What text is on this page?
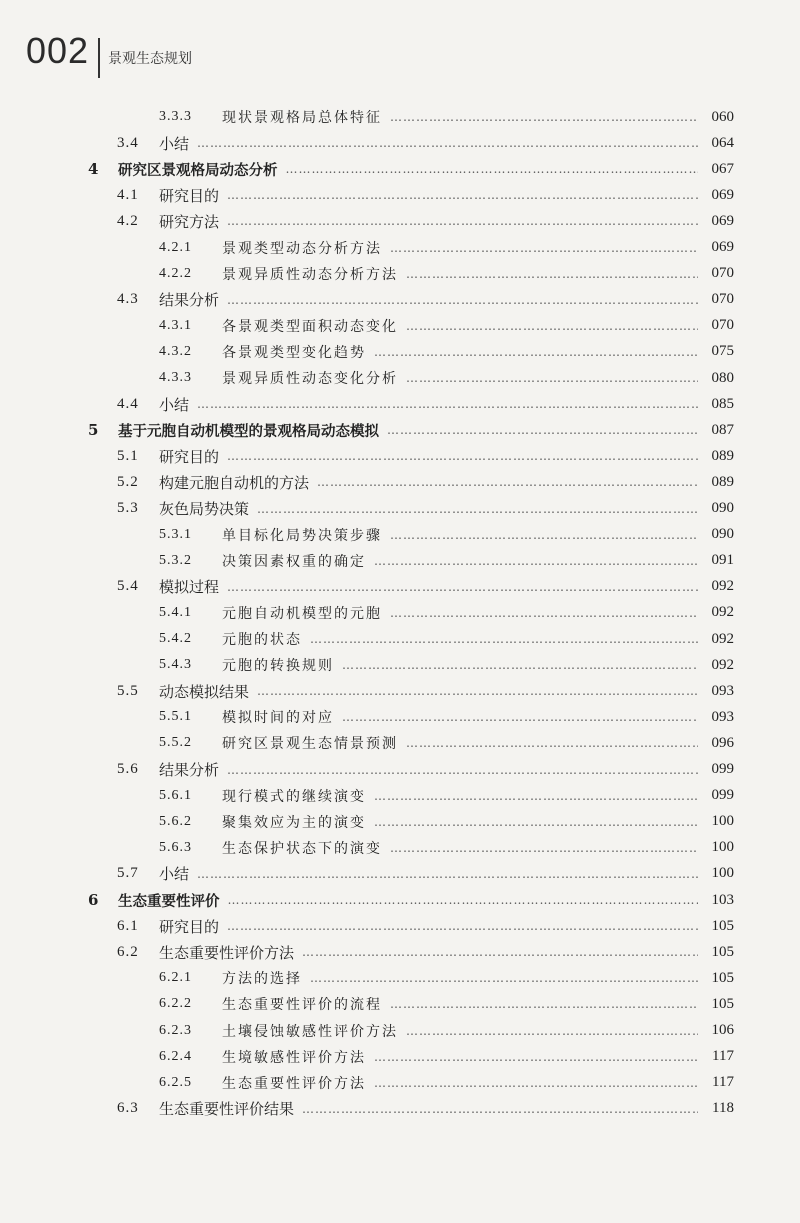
002 景观生态规划
3.3.3	现状景观格局总体特征 …………………………………………………………………………………………………………………………………………………………………………………………………………………	060
3.4	小结 …………………………………………………………………………………………………………………………………………………………………………………………………………………	064
4	研究区景观格局动态分析 …………………………………………………………………………………………………………………………………………………………………………………………………………………	067
4.1	研究目的 …………………………………………………………………………………………………………………………………………………………………………………………………………………	069
4.2	研究方法 …………………………………………………………………………………………………………………………………………………………………………………………………………………	069
4.2.1	景观类型动态分析方法 …………………………………………………………………………………………………………………………………………………………………………………………………………………	069
4.2.2	景观异质性动态分析方法 …………………………………………………………………………………………………………………………………………………………………………………………………………………	070
4.3	结果分析 …………………………………………………………………………………………………………………………………………………………………………………………………………………	070
4.3.1	各景观类型面积动态变化 …………………………………………………………………………………………………………………………………………………………………………………………………………………	070
4.3.2	各景观类型变化趋势 …………………………………………………………………………………………………………………………………………………………………………………………………………………	075
4.3.3	景观异质性动态变化分析 …………………………………………………………………………………………………………………………………………………………………………………………………………………	080
4.4	小结 …………………………………………………………………………………………………………………………………………………………………………………………………………………	085
5	基于元胞自动机模型的景观格局动态模拟 …………………………………………………………………………………………………………………………………………………………………………………………………………………	087
5.1	研究目的 …………………………………………………………………………………………………………………………………………………………………………………………………………………	089
5.2	构建元胞自动机的方法 …………………………………………………………………………………………………………………………………………………………………………………………………………………	089
5.3	灰色局势决策 …………………………………………………………………………………………………………………………………………………………………………………………………………………	090
5.3.1	单目标化局势决策步骤 …………………………………………………………………………………………………………………………………………………………………………………………………………………	090
5.3.2	决策因素权重的确定 …………………………………………………………………………………………………………………………………………………………………………………………………………………	091
5.4	模拟过程 …………………………………………………………………………………………………………………………………………………………………………………………………………………	092
5.4.1	元胞自动机模型的元胞 …………………………………………………………………………………………………………………………………………………………………………………………………………………	092
5.4.2	元胞的状态 …………………………………………………………………………………………………………………………………………………………………………………………………………………	092
5.4.3	元胞的转换规则 …………………………………………………………………………………………………………………………………………………………………………………………………………………	092
5.5	动态模拟结果 …………………………………………………………………………………………………………………………………………………………………………………………………………………	093
5.5.1	模拟时间的对应 …………………………………………………………………………………………………………………………………………………………………………………………………………………	093
5.5.2	研究区景观生态情景预测 …………………………………………………………………………………………………………………………………………………………………………………………………………………	096
5.6	结果分析 …………………………………………………………………………………………………………………………………………………………………………………………………………………	099
5.6.1	现行模式的继续演变 …………………………………………………………………………………………………………………………………………………………………………………………………………………	099
5.6.2	聚集效应为主的演变 …………………………………………………………………………………………………………………………………………………………………………………………………………………	100
5.6.3	生态保护状态下的演变 …………………………………………………………………………………………………………………………………………………………………………………………………………………	100
5.7	小结 …………………………………………………………………………………………………………………………………………………………………………………………………………………	100
6	生态重要性评价 …………………………………………………………………………………………………………………………………………………………………………………………………………………	103
6.1	研究目的 …………………………………………………………………………………………………………………………………………………………………………………………………………………	105
6.2	生态重要性评价方法 …………………………………………………………………………………………………………………………………………………………………………………………………………………	105
6.2.1	方法的选择 …………………………………………………………………………………………………………………………………………………………………………………………………………………	105
6.2.2	生态重要性评价的流程 …………………………………………………………………………………………………………………………………………………………………………………………………………………	105
6.2.3	土壤侵蚀敏感性评价方法 …………………………………………………………………………………………………………………………………………………………………………………………………………………	106
6.2.4	生境敏感性评价方法 …………………………………………………………………………………………………………………………………………………………………………………………………………………	117
6.2.5	生态重要性评价方法 …………………………………………………………………………………………………………………………………………………………………………………………………………………	117
6.3	生态重要性评价结果 …………………………………………………………………………………………………………………………………………………………………………………………………………………	118
